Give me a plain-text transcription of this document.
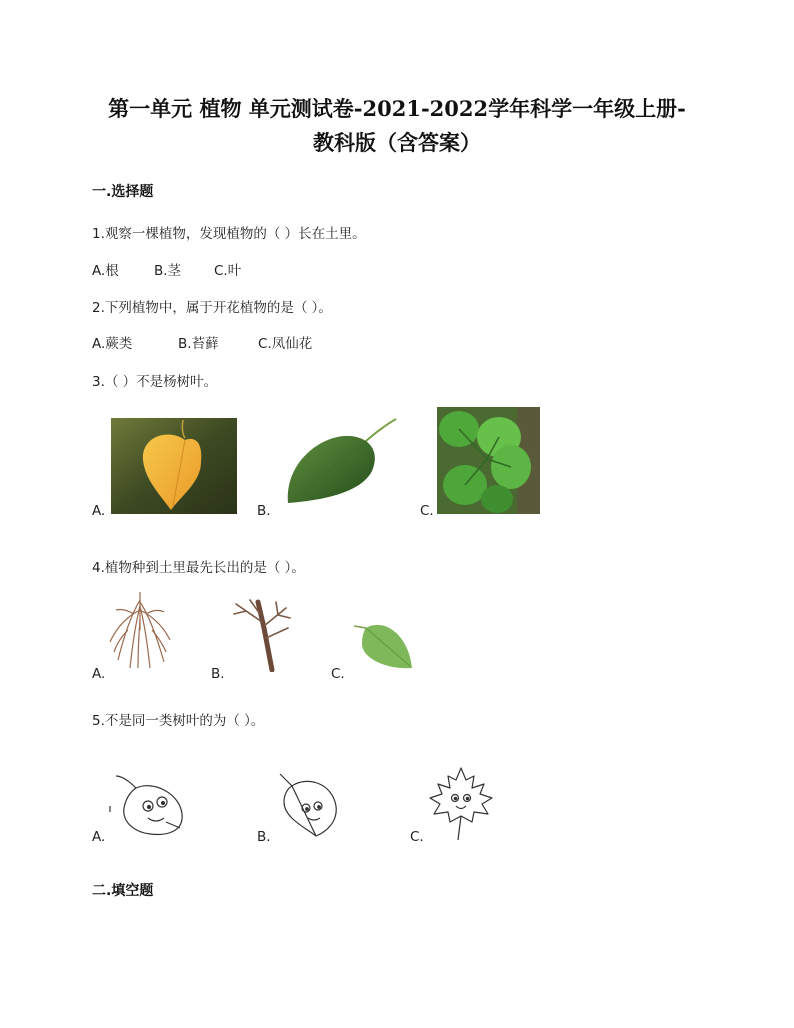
第一单元 植物 单元测试卷-2021-2022学年科学一年级上册-
教科版（含答案）
一.选择题
1.观察一棵植物，发现植物的（ ）长在土里。
A.根	B.茎	C.叶
2.下列植物中，属于开花植物的是（ ）。
A.蕨类	B.苔藓	C.凤仙花
3.（ ）不是杨树叶。
A.	B.	C.
4.植物种到土里最先长出的是（ ）。
A.	B.	C.
5.不是同一类树叶的为（ ）。
A.	B.	C.
二.填空题
